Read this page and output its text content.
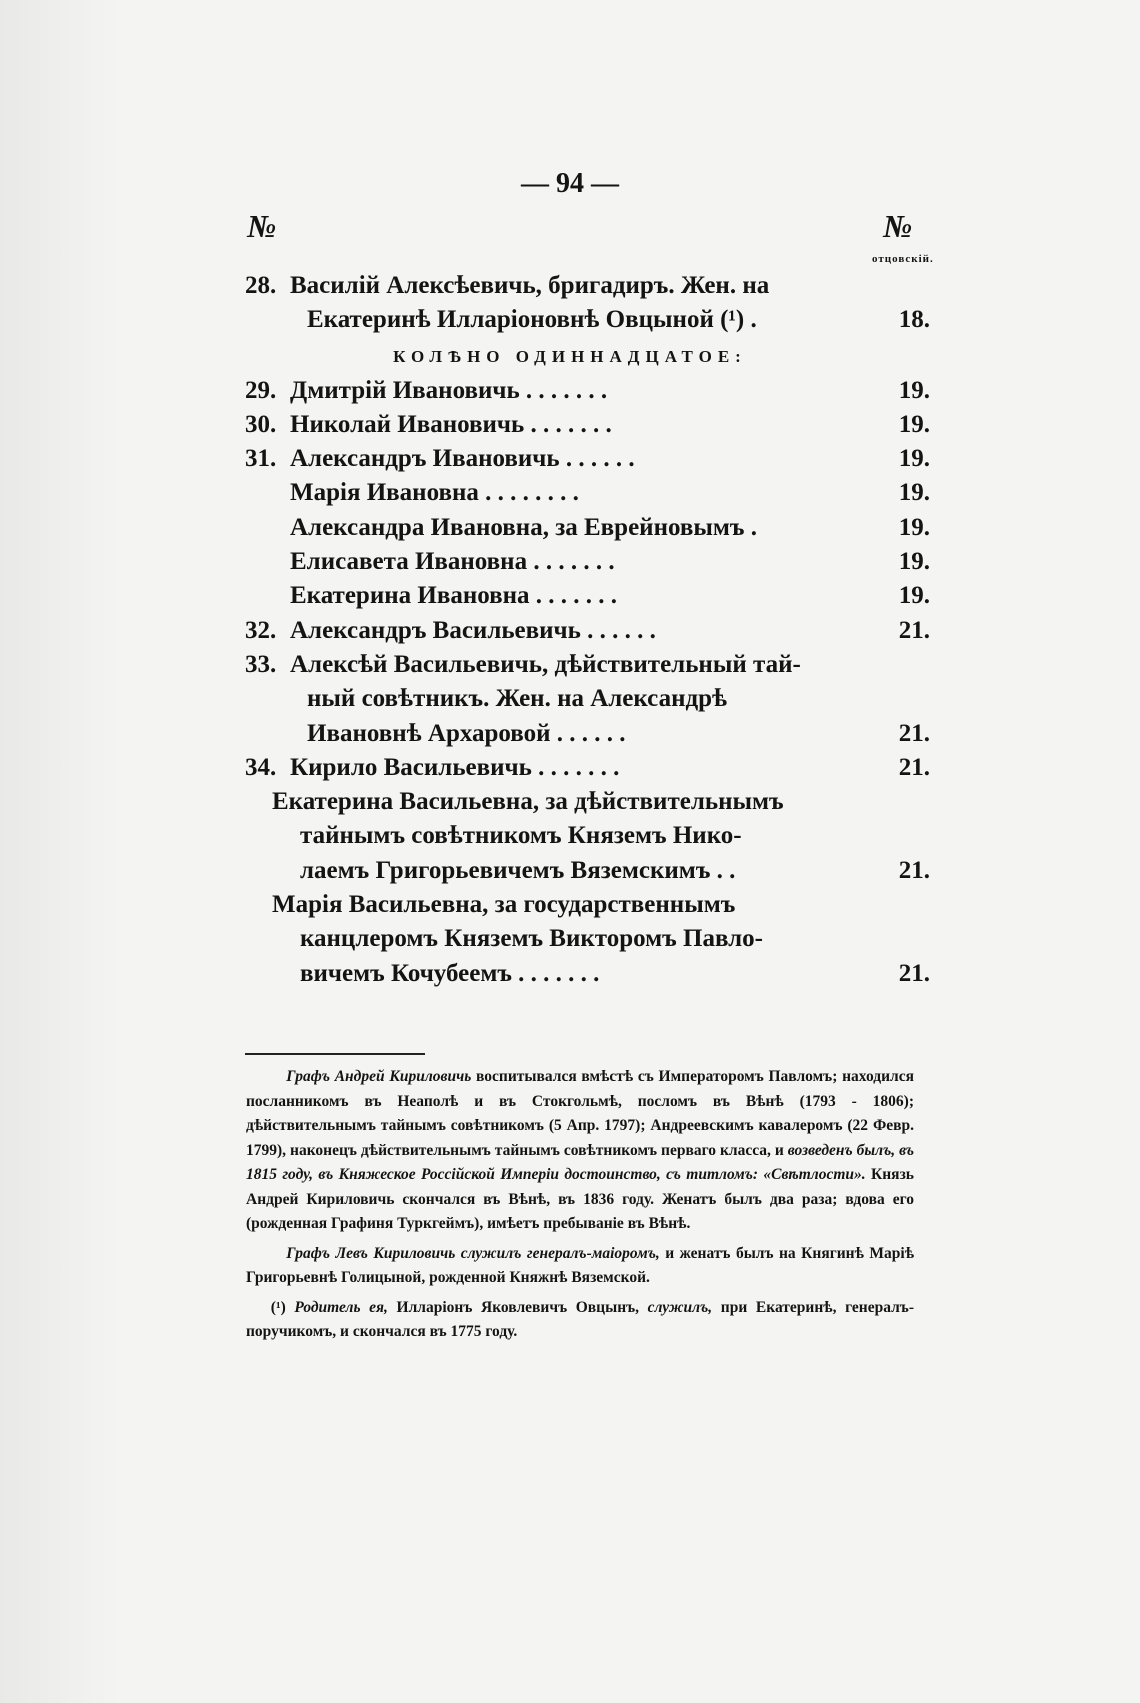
— 94 —
№	№
отцовскій.
28. Василій Алексѣевичь, бригадиръ. Жен. на
Екатеринѣ Илларіоновнѣ Овцыной (¹) .	18.
КОЛѢНО ОДИННАДЦАТОЕ:
29. Дмитрій Ивановичь . . . . . . .	19.
30. Николай Ивановичь . . . . . . .	19.
31. Александръ Ивановичь . . . . . .	19.
Марія Ивановна . . . . . . . .	19.
Александра Ивановна, за Еврейновымъ .	19.
Елисавета Ивановна . . . . . . .	19.
Екатерина Ивановна . . . . . . .	19.
32. Александръ Васильевичь . . . . . .	21.
33. Алексѣй Васильевичь, дѣйствительный тай-
ный совѣтникъ. Жен. на Александрѣ
Ивановнѣ Архаровой . . . . . .	21.
34. Кирило Васильевичь . . . . . . .	21.
Екатерина Васильевна, за дѣйствительнымъ
тайнымъ совѣтникомъ Княземъ Нико-
лаемъ Григорьевичемъ Вяземскимъ . .	21.
Марія Васильевна, за государственнымъ
канцлеромъ Княземъ Викторомъ Павло-
вичемъ Кочубеемъ . . . . . . .	21.

Графъ Андрей Кириловичь воспитывался вмѣстѣ съ Императоромъ Павломъ; находился посланникомъ въ Неаполѣ и въ Стокгольмѣ, посломъ въ Вѣнѣ (1793 - 1806); дѣйствительнымъ тайнымъ совѣтникомъ (5 Апр. 1797); Андреевскимъ кавалеромъ (22 Февр. 1799), наконецъ дѣйствительнымъ тайнымъ совѣтникомъ перваго класса, и возведенъ былъ, въ 1815 году, въ Княжеское Россійской Имперіи достоинство, съ титломъ: «Свѣтлости». Князь Андрей Кириловичь скончался въ Вѣнѣ, въ 1836 году. Женатъ былъ два раза; вдова его (рожденная Графиня Туркгеймъ), имѣетъ пребываніе въ Вѣнѣ.

Графъ Левъ Кириловичь служилъ генералъ-маіоромъ, и женатъ былъ на Княгинѣ Маріѣ Григорьевнѣ Голицыной, рожденной Княжнѣ Вяземской.

(¹) Родитель ея, Илларіонъ Яковлевичъ Овцынъ, служилъ, при Екатеринѣ, генералъ-поручикомъ, и скончался въ 1775 году.
